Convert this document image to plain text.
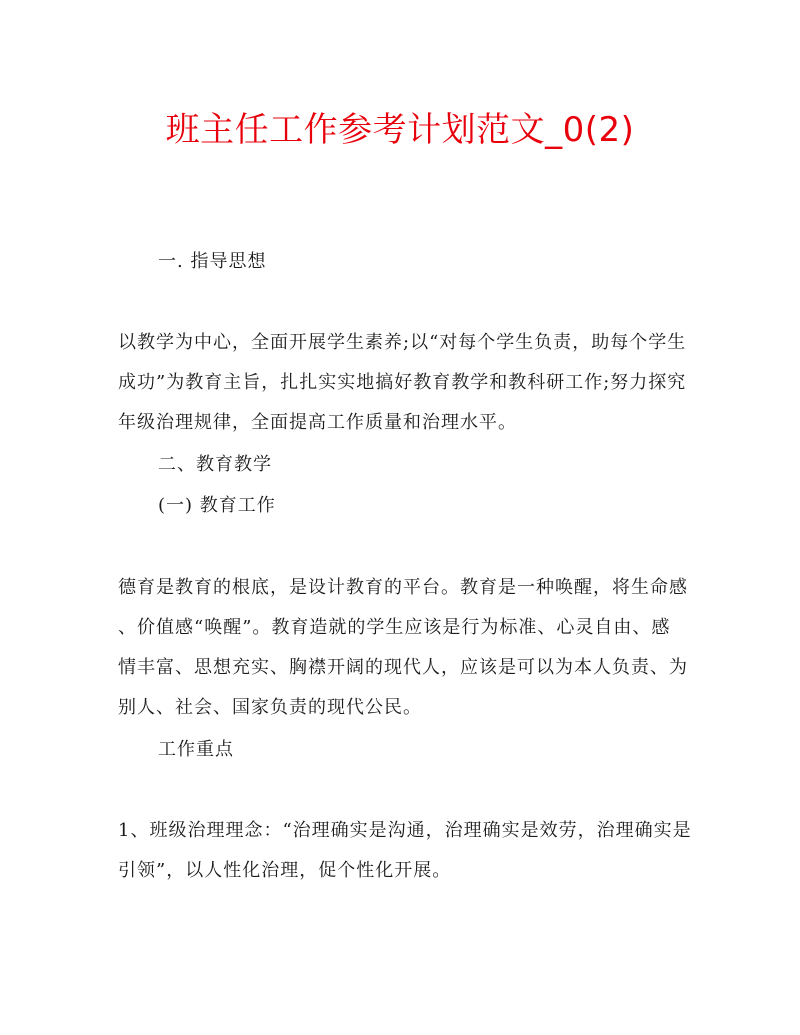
班主任工作参考计划范文_0(2)
一. 指导思想
以教学为中心，全面开展学生素养;以“对每个学生负责，助每个学生
成功”为教育主旨，扎扎实实地搞好教育教学和教科研工作;努力探究
年级治理规律，全面提高工作质量和治理水平。
二、教育教学
(一) 教育工作
德育是教育的根底，是设计教育的平台。教育是一种唤醒，将生命感
、价值感“唤醒”。教育造就的学生应该是行为标准、心灵自由、感
情丰富、思想充实、胸襟开阔的现代人，应该是可以为本人负责、为
别人、社会、国家负责的现代公民。
工作重点
1、班级治理理念：“治理确实是沟通，治理确实是效劳，治理确实是
引领”，以人性化治理，促个性化开展。
